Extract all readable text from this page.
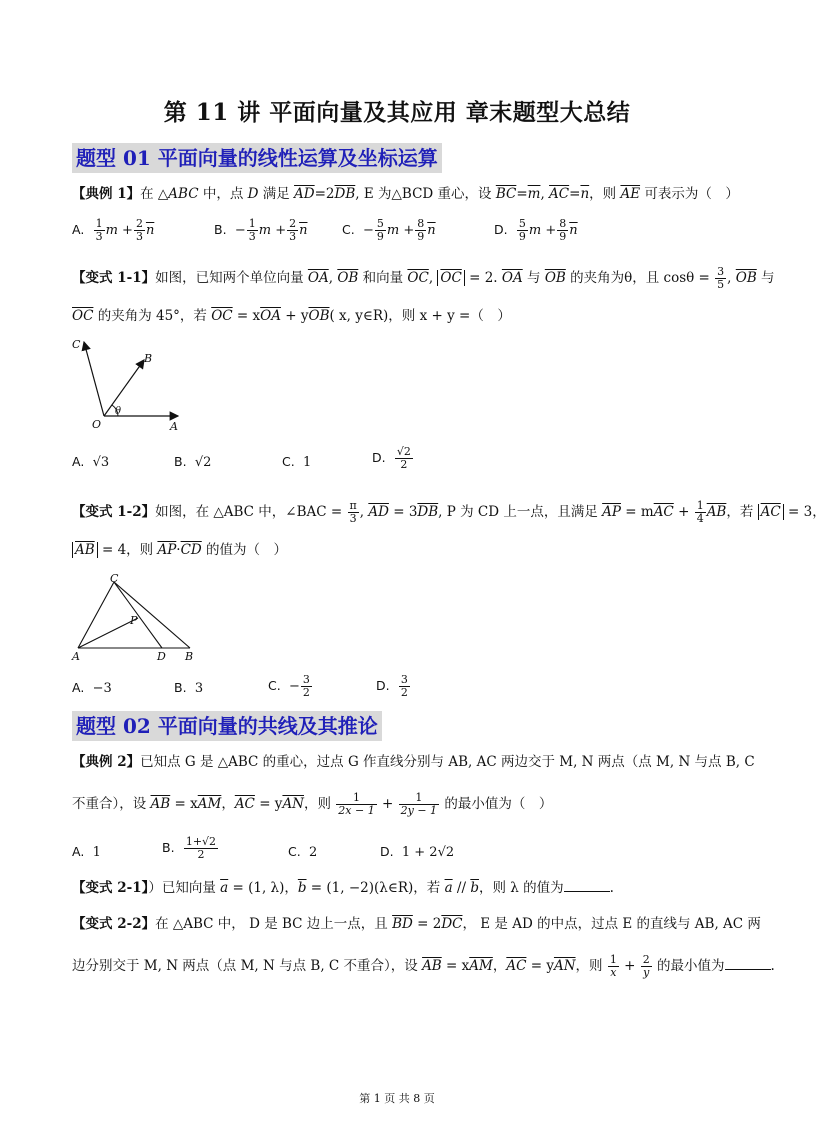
第 11 讲 平面向量及其应用 章末题型大总结
题型 01 平面向量的线性运算及坐标运算
【典例 1】在 △ABC 中，点 D 满足 $\overline{AD}=2\overline{DB}$, E 为△BCD 重心，设 $\overline{BC}=\overline{m}$, $\overline{AC}=\overline{n}$，则 $\overline{AE}$ 可表示为（　）
A. $\frac{1}{3}$ $m + \frac{2}{3} \overline{n}$	B. − $\frac{1}{3}$ $m + \frac{2}{3} \overline{n}$	C. − $\frac{5}{9}$ $m + \frac{8}{9} \overline{n}$	D. $\frac{5}{9}$ $m + \frac{8}{9} \overline{n}$
【变式 1-1】如图，已知两个单位向量 $\overline{OA}$, $\overline{OB}$ 和向量 $\overline{OC}$, $\overline{OC} = 2$. $\overline{OA}$ 与 $\overline{OB}$ 的夹角为θ，且 $\cos\theta = \frac{3}{5}$ , $\overline{OB}$ 与
$\overline{OC}$ 的夹角为 45°，若 $\overline{OC} = x\overline{OA} + y\overline{OB}$( x, y∈R)，则 x + y =（　）
C
B
O	A
θ
A. √3	B. √2	C. 1	D. $\frac{√2}{2}$
【变式 1-2】如图，在 △ABC 中，∠BAC = $\frac{\pi}{3}$ , $\overline{AD} = 3\overline{DB}$, P 为 CD 上一点，且满足 $\overline{AP} = m\overline{AC} + \frac{1}{4} \overline{AB}$，若 $\overline{AC} = 3$，
$\overline{AB} = 4$，则 $\overline{AP}\cdot\overline{CD}$ 的值为（　）
C
P
A	D B
A. −3	B. 3	C. − $\frac{3}{2}$	D. $\frac{3}{2}$
题型 02 平面向量的共线及其推论
【典例 2】已知点 G 是 △ABC 的重心，过点 G 作直线分别与 AB, AC 两边交于 M, N 两点（点 M, N 与点 B, C
不重合），设 $\overline{AB} = x\overline{AM}$，$\overline{AC} = y\overline{AN}$，则 $\frac{1}{2x - 1} + \frac{1}{2y - 1}$ 的最小值为（　）
A. 1	B. $\frac{1+√2}{2}$	C. 2	D. 1 + 2√2
【变式 2-1】）已知向量 $\overline{a} = (1$, λ)，$\overline{b} = (1$, −2)(λ∈R)，若 $\overline{a} // \overline{b}$，则 λ 的值为	.
【变式 2-2】在 △ABC 中， D 是 BC 边上一点，且 $\overline{BD} = 2\overline{DC}$， E 是 AD 的中点，过点 E 的直线与 AB, AC 两
边分别交于 M, N 两点（点 M, N 与点 B, C 不重合），设 $\overline{AB} = x\overline{AM}$，$\overline{AC} = y\overline{AN}$，则 $\frac{1}{x} + \frac{2}{y}$ 的最小值为	.
第 1 页 共 8 页
